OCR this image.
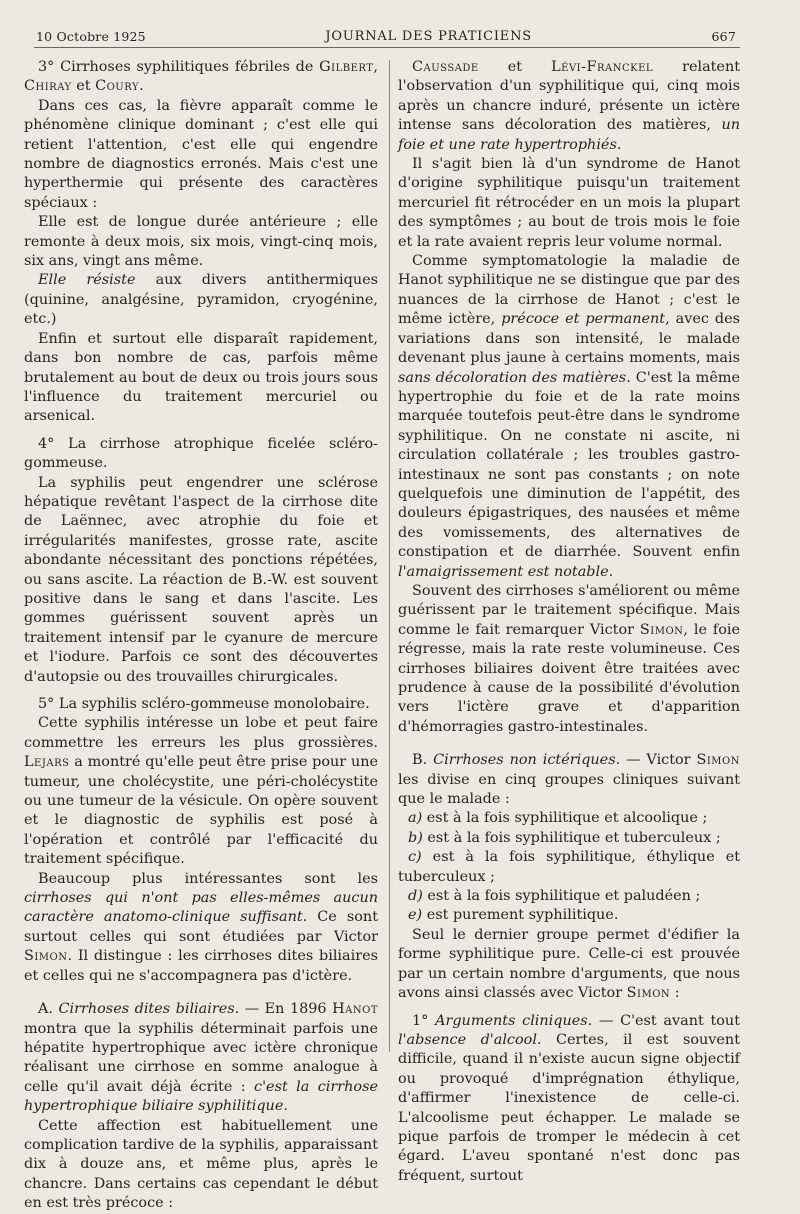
10 Octobre 1925	JOURNAL DES PRATICIENS	667

3° Cirrhoses syphilitiques fébriles de Gilbert, Chiray et Coury.

Dans ces cas, la fièvre apparaît comme le phénomène clinique dominant ; c'est elle qui retient l'attention, c'est elle qui engendre nombre de diagnostics erronés. Mais c'est une hyperthermie qui présente des caractères spéciaux :

Elle est de longue durée antérieure ; elle remonte à deux mois, six mois, vingt-cinq mois, six ans, vingt ans même.

Elle résiste aux divers antithermiques (quinine, analgésine, pyramidon, cryogénine, etc.)

Enfin et surtout elle disparaît rapidement, dans bon nombre de cas, parfois même brutalement au bout de deux ou trois jours sous l'influence du traitement mercuriel ou arsenical.

4° La cirrhose atrophique ficelée scléro-gommeuse.

La syphilis peut engendrer une sclérose hépatique revêtant l'aspect de la cirrhose dite de Laënnec, avec atrophie du foie et irrégularités manifestes, grosse rate, ascite abondante nécessitant des ponctions répétées, ou sans ascite. La réaction de B.-W. est souvent positive dans le sang et dans l'ascite. Les gommes guérissent souvent après un traitement intensif par le cyanure de mercure et l'iodure. Parfois ce sont des découvertes d'autopsie ou des trouvailles chirurgicales.

5° La syphilis scléro-gommeuse monolobaire.

Cette syphilis intéresse un lobe et peut faire commettre les erreurs les plus grossières. Lejars a montré qu'elle peut être prise pour une tumeur, une cholécystite, une péri-cholécystite ou une tumeur de la vésicule. On opère souvent et le diagnostic de syphilis est posé à l'opération et contrôlé par l'efficacité du traitement spécifique.

Beaucoup plus intéressantes sont les cirrhoses qui n'ont pas elles-mêmes aucun caractère anatomo-clinique suffisant. Ce sont surtout celles qui sont étudiées par Victor Simon. Il distingue : les cirrhoses dites biliaires et celles qui ne s'accompagnera pas d'ictère.

A. Cirrhoses dites biliaires. — En 1896 Hanot montra que la syphilis déterminait parfois une hépatite hypertrophique avec ictère chronique réalisant une cirrhose en somme analogue à celle qu'il avait déjà écrite : c'est la cirrhose hypertrophique biliaire syphilitique.

Cette affection est habituellement une complication tardive de la syphilis, apparaissant dix à douze ans, et même plus, après le chancre. Dans certains cas cependant le début en est très précoce :

Caussade et Lévi-Franckel relatent l'observation d'un syphilitique qui, cinq mois après un chancre induré, présente un ictère intense sans décoloration des matières, un foie et une rate hypertrophiés.

Il s'agit bien là d'un syndrome de Hanot d'origine syphilitique puisqu'un traitement mercuriel fit rétrocéder en un mois la plupart des symptômes ; au bout de trois mois le foie et la rate avaient repris leur volume normal.

Comme symptomatologie la maladie de Hanot syphilitique ne se distingue que par des nuances de la cirrhose de Hanot ; c'est le même ictère, précoce et permanent, avec des variations dans son intensité, le malade devenant plus jaune à certains moments, mais sans décoloration des matières. C'est la même hypertrophie du foie et de la rate moins marquée toutefois peut-être dans le syndrome syphilitique. On ne constate ni ascite, ni circulation collatérale ; les troubles gastro-intestinaux ne sont pas constants ; on note quelquefois une diminution de l'appétit, des douleurs épigastriques, des nausées et même des vomissements, des alternatives de constipation et de diarrhée. Souvent enfin l'amaigrissement est notable.

Souvent des cirrhoses s'améliorent ou même guérissent par le traitement spécifique. Mais comme le fait remarquer Victor Simon, le foie régresse, mais la rate reste volumineuse. Ces cirrhoses biliaires doivent être traitées avec prudence à cause de la possibilité d'évolution vers l'ictère grave et d'apparition d'hémorragies gastro-intestinales.

B. Cirrhoses non ictériques. — Victor Simon les divise en cinq groupes cliniques suivant que le malade :

a) est à la fois syphilitique et alcoolique ;

b) est à la fois syphilitique et tuberculeux ;

c) est à la fois syphilitique, éthylique et tuberculeux ;

d) est à la fois syphilitique et paludéen ;

e) est purement syphilitique.

Seul le dernier groupe permet d'édifier la forme syphilitique pure. Celle-ci est prouvée par un certain nombre d'arguments, que nous avons ainsi classés avec Victor Simon :

1° Arguments cliniques. — C'est avant tout l'absence d'alcool. Certes, il est souvent difficile, quand il n'existe aucun signe objectif ou provoqué d'imprégnation éthylique, d'affirmer l'inexistence de celle-ci. L'alcoolisme peut échapper. Le malade se pique parfois de tromper le médecin à cet égard. L'aveu spontané n'est donc pas fréquent, surtout
